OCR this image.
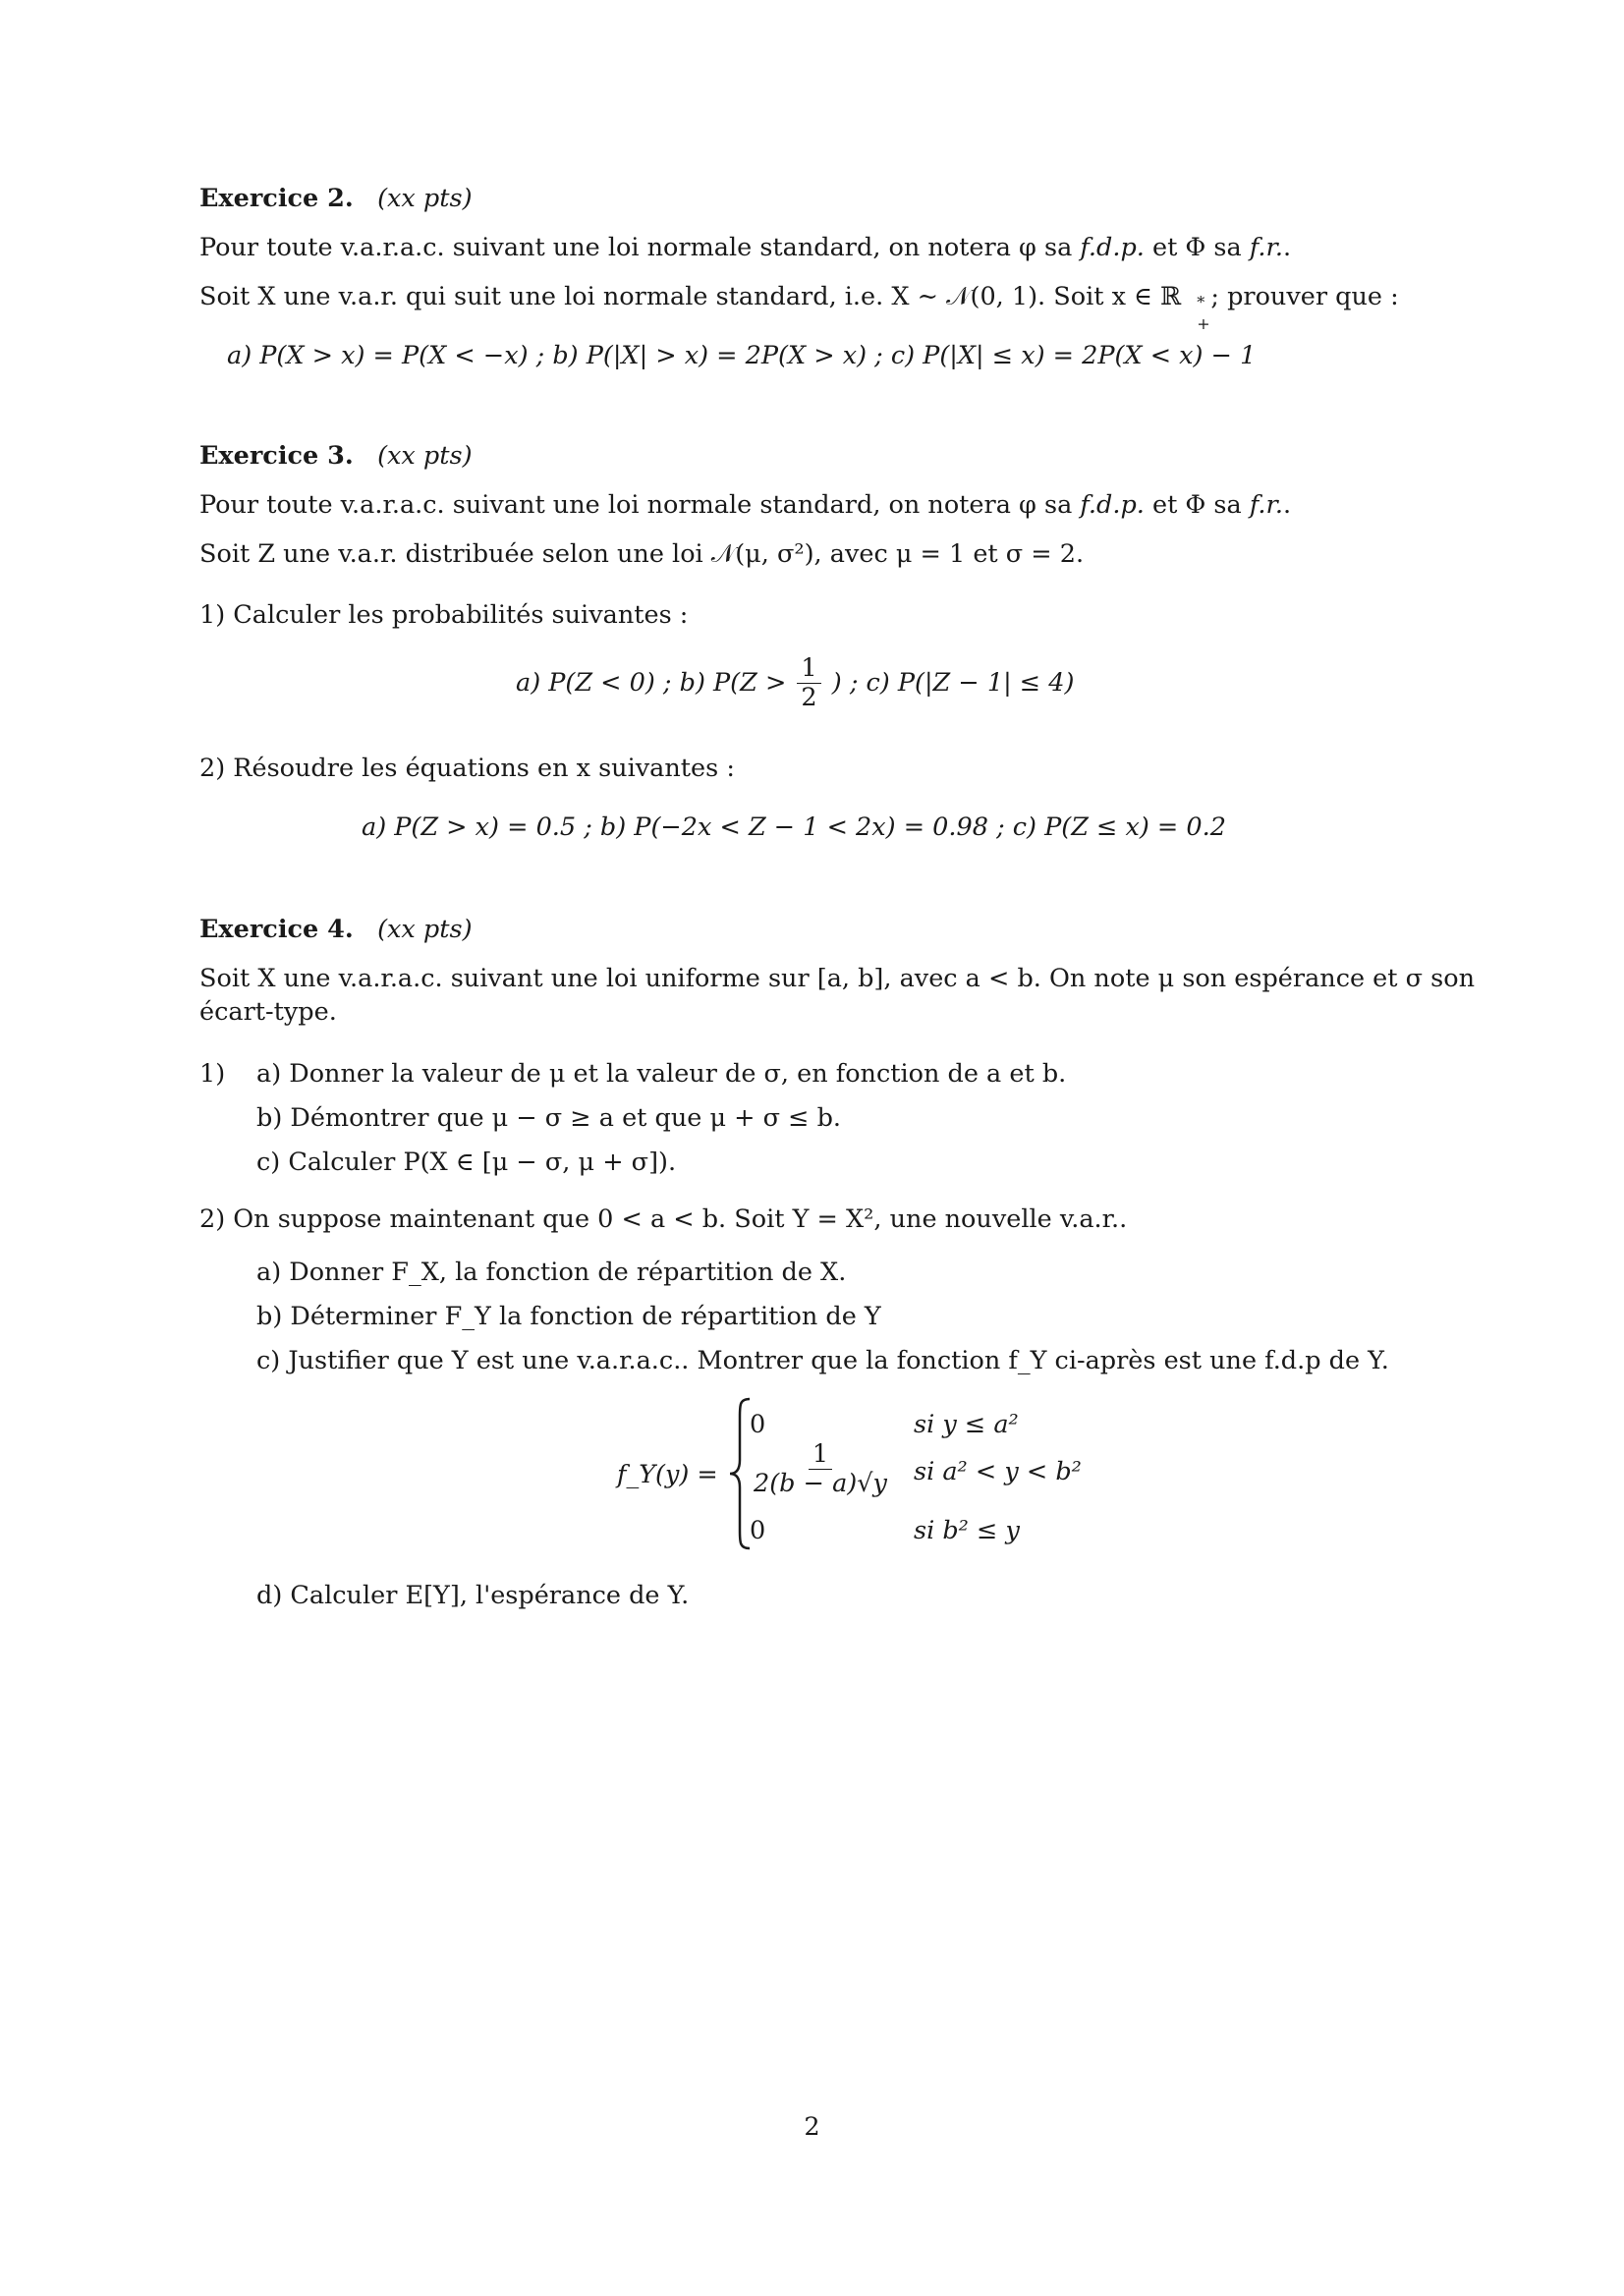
Exercice 2. (xx pts)
Pour toute v.a.r.a.c. suivant une loi normale standard, on notera φ sa f.d.p. et Φ sa f.r..
Soit X une v.a.r. qui suit une loi normale standard, i.e. X ∼ 𝒩(0, 1). Soit x ∈ ℝ *
+
; prouver que :
a) P(X > x) = P(X < −x) ; b) P(|X| > x) = 2P(X > x) ; c) P(|X| ≤ x) = 2P(X < x) − 1
Exercice 3. (xx pts)
Pour toute v.a.r.a.c. suivant une loi normale standard, on notera φ sa f.d.p. et Φ sa f.r..
Soit Z une v.a.r. distribuée selon une loi 𝒩(μ, σ²), avec μ = 1 et σ = 2.
1) Calculer les probabilités suivantes :
a) P(Z < 0) ; b) $P(Z > \frac{1}{2}$ ) ; c) P(|Z − 1| ≤ 4)
2) Résoudre les équations en x suivantes :
a) P(Z > x) = 0.5 ; b) P(−2x < Z − 1 < 2x) = 0.98 ; c) P(Z ≤ x) = 0.2
Exercice 4. (xx pts)
Soit X une v.a.r.a.c. suivant une loi uniforme sur [a, b], avec a < b. On note μ son espérance et σ son
écart-type.
1) a) Donner la valeur de μ et la valeur de σ, en fonction de a et b.
b) Démontrer que μ − σ ≥ a et que μ + σ ≤ b.
c) Calculer P(X ∈ [μ − σ, μ + σ]).
2) On suppose maintenant que 0 < a < b. Soit Y = X², une nouvelle v.a.r..
a) Donner F_X, la fonction de répartition de X.
b) Déterminer F_Y la fonction de répartition de Y
c) Justifier que Y est une v.a.r.a.c.. Montrer que la fonction f_Y ci-après est une f.d.p de Y.
f_Y(y) =
0	si y ≤ a²
$\frac{1}{2(b - a)√y}$ si a² < y < b²
0	si b² ≤ y
d) Calculer E[Y], l'espérance de Y.
2
